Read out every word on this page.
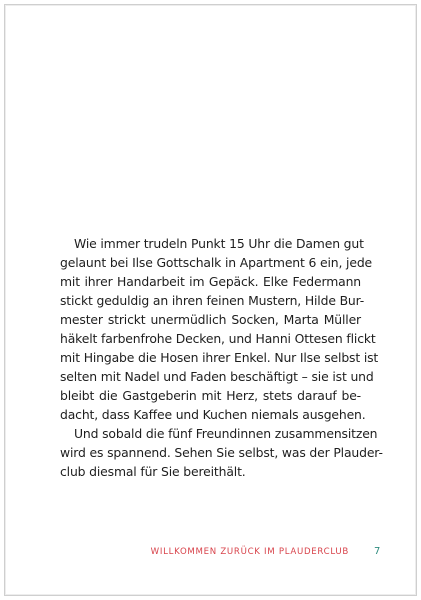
Wie immer trudeln Punkt 15 Uhr die Damen gut
gelaunt bei Ilse Gottschalk in Apartment 6 ein, jede
mit ihrer Handarbeit im Gepäck. Elke Federmann
stickt geduldig an ihren feinen Mustern, Hilde Bur-
mester strickt unermüdlich Socken, Marta Müller
häkelt farbenfrohe Decken, und Hanni Ottesen flickt
mit Hingabe die Hosen ihrer Enkel. Nur Ilse selbst ist
selten mit Nadel und Faden beschäftigt – sie ist und
bleibt die Gastgeberin mit Herz, stets darauf be-
dacht, dass Kaffee und Kuchen niemals ausgehen.
Und sobald die fünf Freundinnen zusammensitzen
wird es spannend. Sehen Sie selbst, was der Plauder-
club diesmal für Sie bereithält.
WILLKOMMEN ZURÜCK IM PLAUDERCLUB	7
